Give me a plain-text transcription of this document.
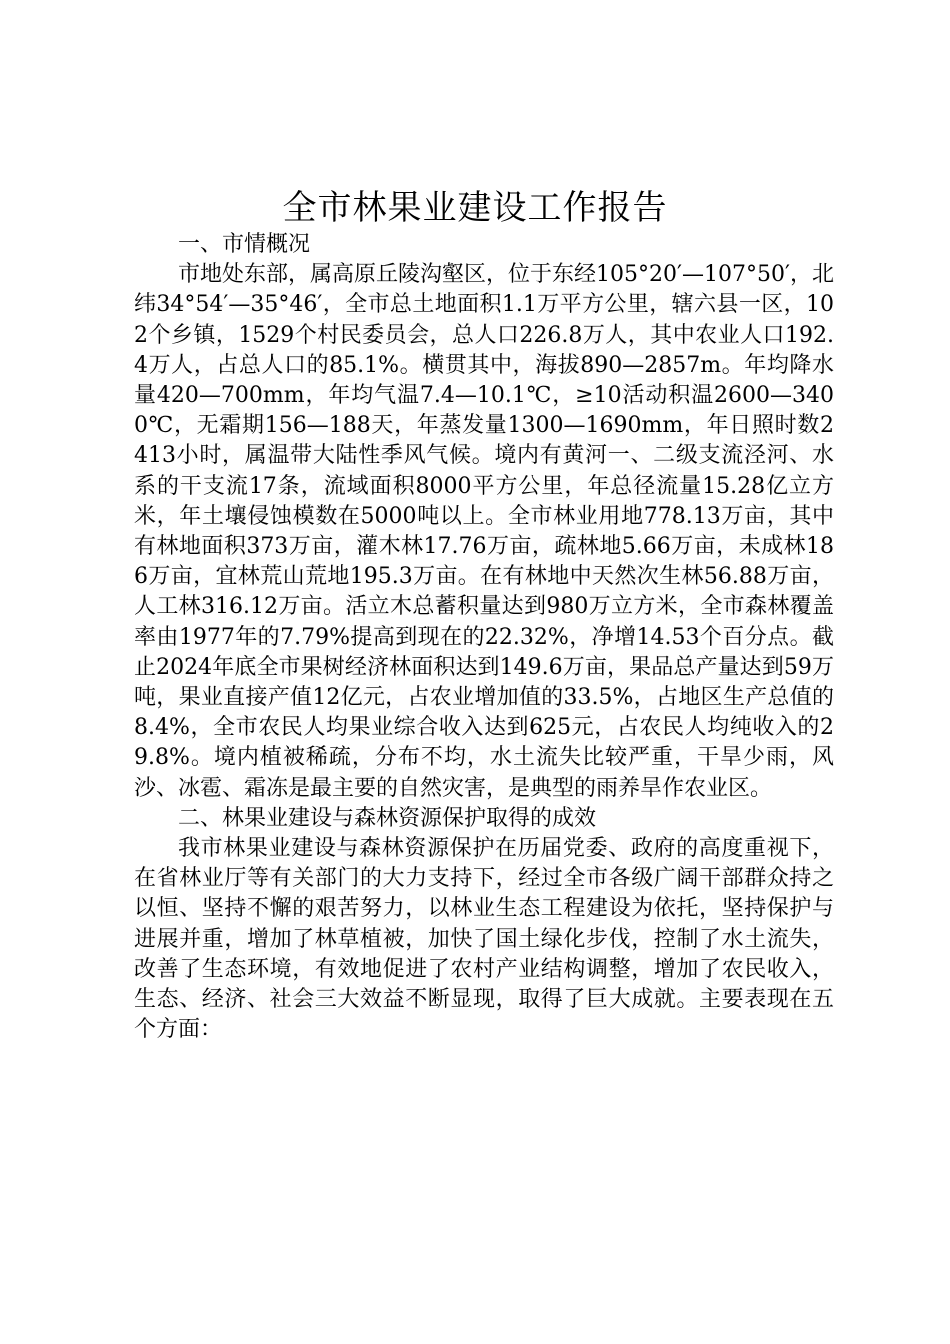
全市林果业建设工作报告
一、市情概况

市地处东部，属高原丘陵沟壑区，位于东经105°20′—107°50′，北纬34°54′—35°46′，全市总土地面积1.1万平方公里，辖六县一区，102个乡镇，1529个村民委员会，总人口226.8万人，其中农业人口192.4万人，占总人口的85.1%。横贯其中，海拔890—2857m。年均降水量420—700mm，年均气温7.4—10.1℃，≥10活动积温2600—3400℃，无霜期156—188天，年蒸发量1300—1690mm，年日照时数2413小时，属温带大陆性季风气候。境内有黄河一、二级支流泾河、水系的干支流17条，流域面积8000平方公里，年总径流量15.28亿立方米，年土壤侵蚀模数在5000吨以上。全市林业用地778.13万亩，其中有林地面积373万亩，灌木林17.76万亩，疏林地5.66万亩，未成林186万亩，宜林荒山荒地195.3万亩。在有林地中天然次生林56.88万亩，人工林316.12万亩。活立木总蓄积量达到980万立方米，全市森林覆盖率由1977年的7.79%提高到现在的22.32%，净增14.53个百分点。截止2024年底全市果树经济林面积达到149.6万亩，果品总产量达到59万吨，果业直接产值12亿元，占农业增加值的33.5%，占地区生产总值的8.4%，全市农民人均果业综合收入达到625元，占农民人均纯收入的29.8%。境内植被稀疏，分布不均，水土流失比较严重，干旱少雨，风沙、冰雹、霜冻是最主要的自然灾害，是典型的雨养旱作农业区。

二、林果业建设与森林资源保护取得的成效

我市林果业建设与森林资源保护在历届党委、政府的高度重视下，在省林业厅等有关部门的大力支持下，经过全市各级广阔干部群众持之以恒、坚持不懈的艰苦努力，以林业生态工程建设为依托，坚持保护与进展并重，增加了林草植被，加快了国土绿化步伐，控制了水土流失，改善了生态环境，有效地促进了农村产业结构调整，增加了农民收入，生态、经济、社会三大效益不断显现，取得了巨大成就。主要表现在五个方面：
